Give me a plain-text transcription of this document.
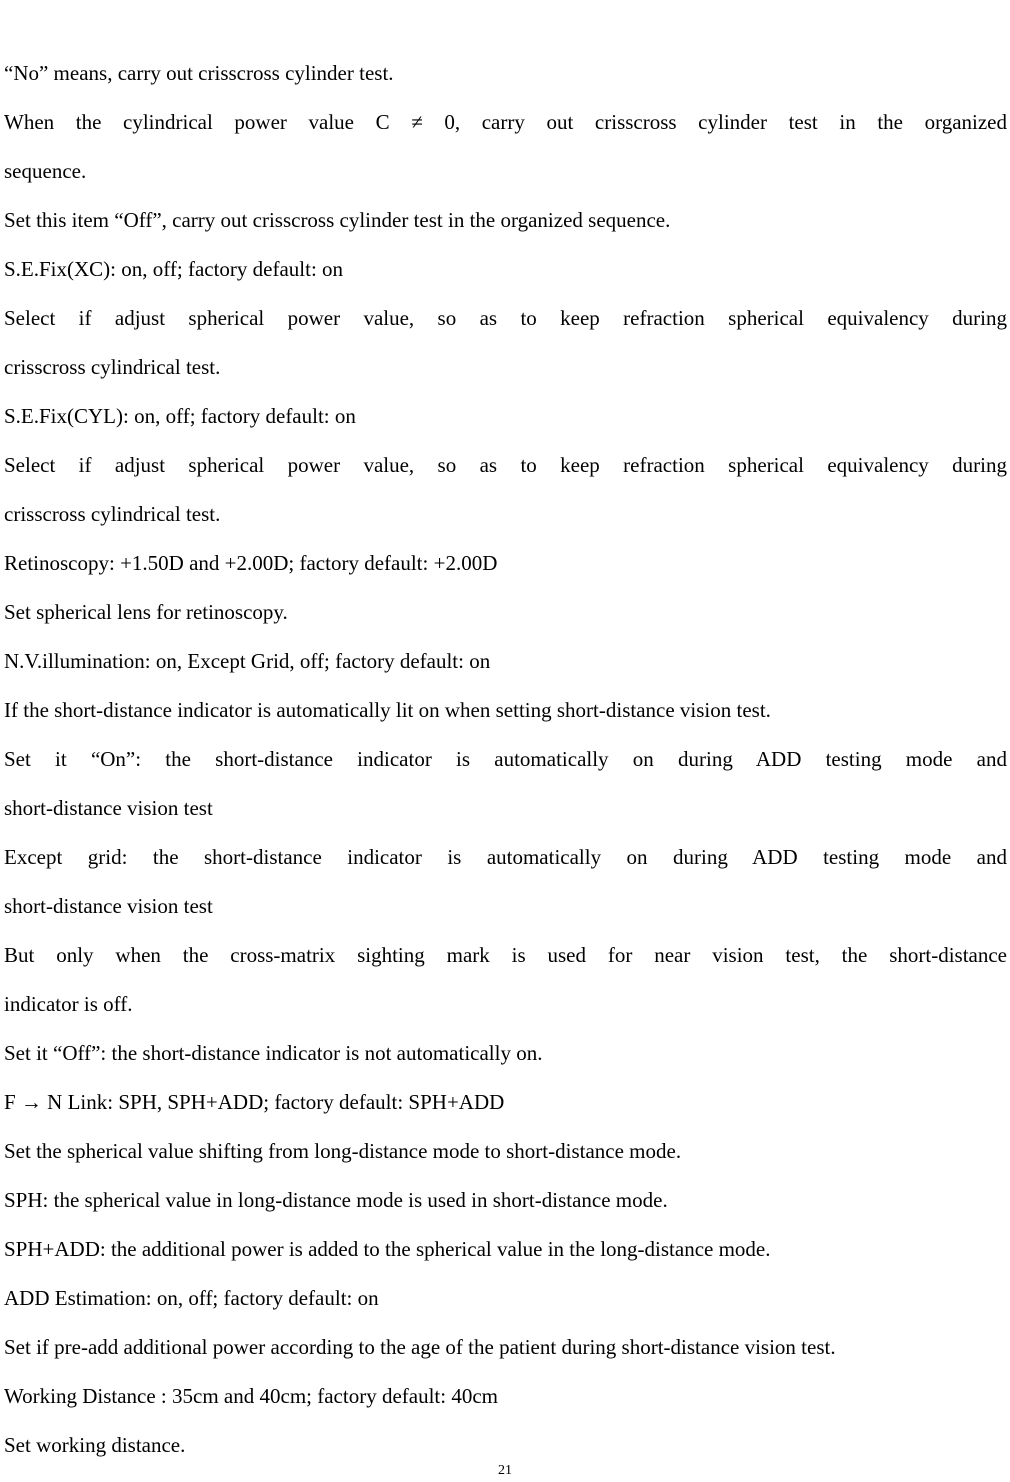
“No” means, carry out crisscross cylinder test.
When the cylindrical power value C ≠ 0, carry out crisscross cylinder test in the organized
sequence.
Set this item “Off”, carry out crisscross cylinder test in the organized sequence.
S.E.Fix(XC): on, off; factory default: on
Select if adjust spherical power value, so as to keep refraction spherical equivalency during
crisscross cylindrical test.
S.E.Fix(CYL): on, off; factory default: on
Select if adjust spherical power value, so as to keep refraction spherical equivalency during
crisscross cylindrical test.
Retinoscopy: +1.50D and +2.00D; factory default: +2.00D
Set spherical lens for retinoscopy.
N.V.illumination: on, Except Grid, off; factory default: on
If the short-distance indicator is automatically lit on when setting short-distance vision test.
Set it “On”: the short-distance indicator is automatically on during ADD testing mode and
short-distance vision test
Except grid: the short-distance indicator is automatically on during ADD testing mode and
short-distance vision test
But only when the cross-matrix sighting mark is used for near vision test, the short-distance
indicator is off.
Set it “Off”: the short-distance indicator is not automatically on.
F → N Link: SPH, SPH+ADD; factory default: SPH+ADD
Set the spherical value shifting from long-distance mode to short-distance mode.
SPH: the spherical value in long-distance mode is used in short-distance mode.
SPH+ADD: the additional power is added to the spherical value in the long-distance mode.
ADD Estimation: on, off; factory default: on
Set if pre-add additional power according to the age of the patient during short-distance vision test.
Working Distance : 35cm and 40cm; factory default: 40cm
Set working distance.
21
